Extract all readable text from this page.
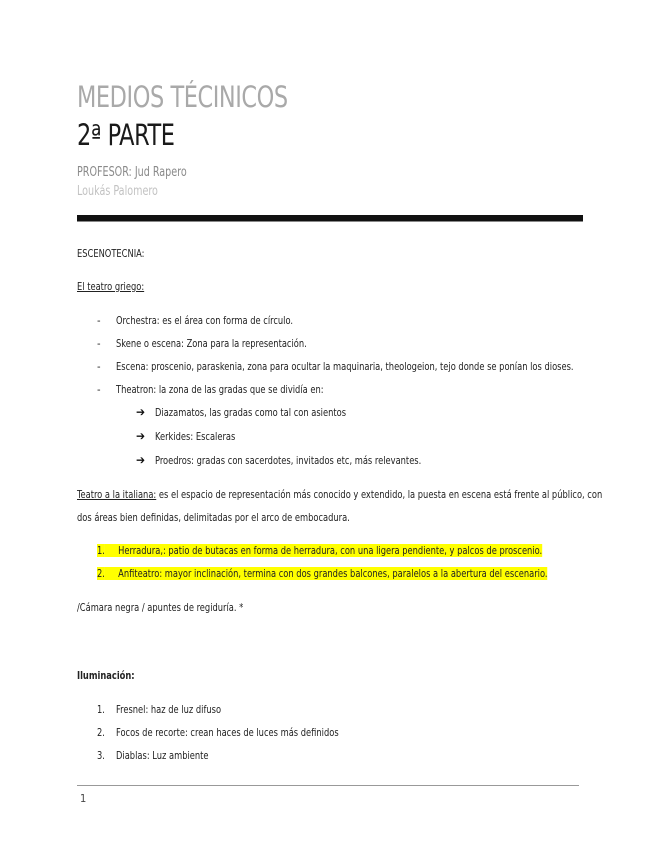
MEDIOS TÉCINICOS
2ª PARTE
PROFESOR: Jud Rapero
Loukás Palomero
ESCENOTECNIA:
El teatro griego:
- Orchestra: es el área con forma de círculo.
- Skene o escena: Zona para la representación.
- Escena: proscenio, paraskenia, zona para ocultar la maquinaria, theologeion, tejo donde se ponían los dioses.
- Theatron: la zona de las gradas que se dividía en:
➔ Diazamatos, las gradas como tal con asientos
➔ Kerkides: Escaleras
➔ Proedros: gradas con sacerdotes, invitados etc, más relevantes.
Teatro a la italiana: es el espacio de representación más conocido y extendido, la puesta en escena está frente al público, con
dos áreas bien definidas, delimitadas por el arco de embocadura.
1. Herradura,: patio de butacas en forma de herradura, con una ligera pendiente, y palcos de proscenio.
2. Anfiteatro: mayor inclinación, termina con dos grandes balcones, paralelos a la abertura del escenario.
/Cámara negra / apuntes de regiduría. *
Iluminación:
1. Fresnel: haz de luz difuso
2. Focos de recorte: crean haces de luces más definidos
3. Diablas: Luz ambiente
1
